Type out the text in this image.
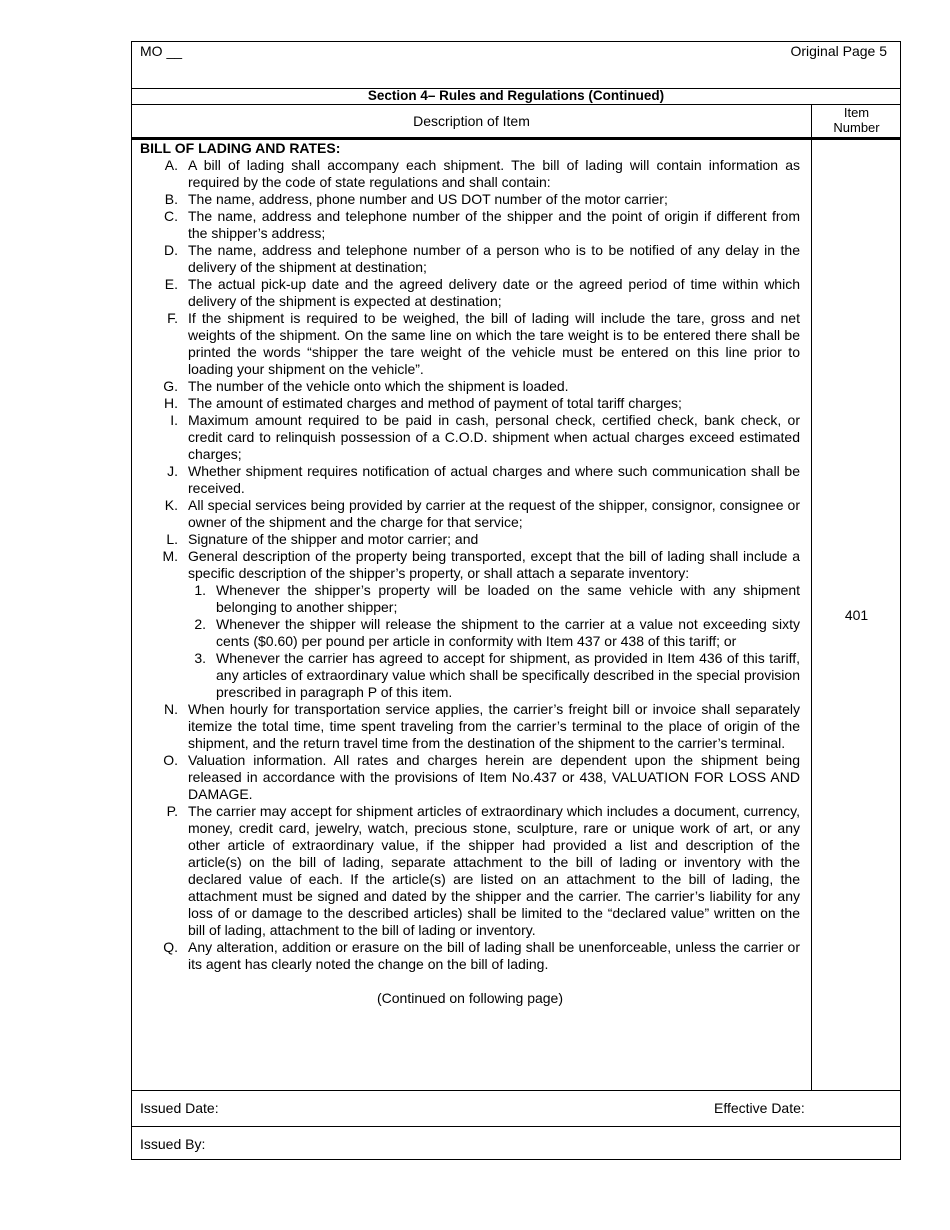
MO __	Original Page 5
Section 4– Rules and Regulations (Continued)
Description of Item
Item
Number

BILL OF LADING AND RATES:

A. A bill of lading shall accompany each shipment. The bill of lading will contain information as required by the code of state regulations and shall contain:
B. The name, address, phone number and US DOT number of the motor carrier;
C. The name, address and telephone number of the shipper and the point of origin if different from the shipper’s address;
D. The name, address and telephone number of a person who is to be notified of any delay in the delivery of the shipment at destination;
E. The actual pick-up date and the agreed delivery date or the agreed period of time within which delivery of the shipment is expected at destination;
F. If the shipment is required to be weighed, the bill of lading will include the tare, gross and net weights of the shipment. On the same line on which the tare weight is to be entered there shall be printed the words “shipper the tare weight of the vehicle must be entered on this line prior to loading your shipment on the vehicle”.
G. The number of the vehicle onto which the shipment is loaded.
H. The amount of estimated charges and method of payment of total tariff charges;
I. Maximum amount required to be paid in cash, personal check, certified check, bank check, or credit card to relinquish possession of a C.O.D. shipment when actual charges exceed estimated charges;
J. Whether shipment requires notification of actual charges and where such communication shall be received.
K. All special services being provided by carrier at the request of the shipper, consignor, consignee or owner of the shipment and the charge for that service;
L. Signature of the shipper and motor carrier; and
M. General description of the property being transported, except that the bill of lading shall include a specific description of the shipper’s property, or shall attach a separate inventory:
1. Whenever the shipper’s property will be loaded on the same vehicle with any shipment belonging to another shipper;
2. Whenever the shipper will release the shipment to the carrier at a value not exceeding sixty cents ($0.60) per pound per article in conformity with Item 437 or 438 of this tariff; or
3. Whenever the carrier has agreed to accept for shipment, as provided in Item 436 of this tariff, any articles of extraordinary value which shall be specifically described in the special provision prescribed in paragraph P of this item.
N. When hourly for transportation service applies, the carrier’s freight bill or invoice shall separately itemize the total time, time spent traveling from the carrier’s terminal to the place of origin of the shipment, and the return travel time from the destination of the shipment to the carrier’s terminal.
O. Valuation information. All rates and charges herein are dependent upon the shipment being released in accordance with the provisions of Item No.437 or 438, VALUATION FOR LOSS AND DAMAGE.
P. The carrier may accept for shipment articles of extraordinary which includes a document, currency, money, credit card, jewelry, watch, precious stone, sculpture, rare or unique work of art, or any other article of extraordinary value, if the shipper had provided a list and description of the article(s) on the bill of lading, separate attachment to the bill of lading or inventory with the declared value of each. If the article(s) are listed on an attachment to the bill of lading, the attachment must be signed and dated by the shipper and the carrier. The carrier’s liability for any loss of or damage to the described articles) shall be limited to the “declared value” written on the bill of lading, attachment to the bill of lading or inventory.
Q. Any alteration, addition or erasure on the bill of lading shall be unenforceable, unless the carrier or its agent has clearly noted the change on the bill of lading.

(Continued on following page)

401
Issued Date:	Effective Date:
Issued By:
